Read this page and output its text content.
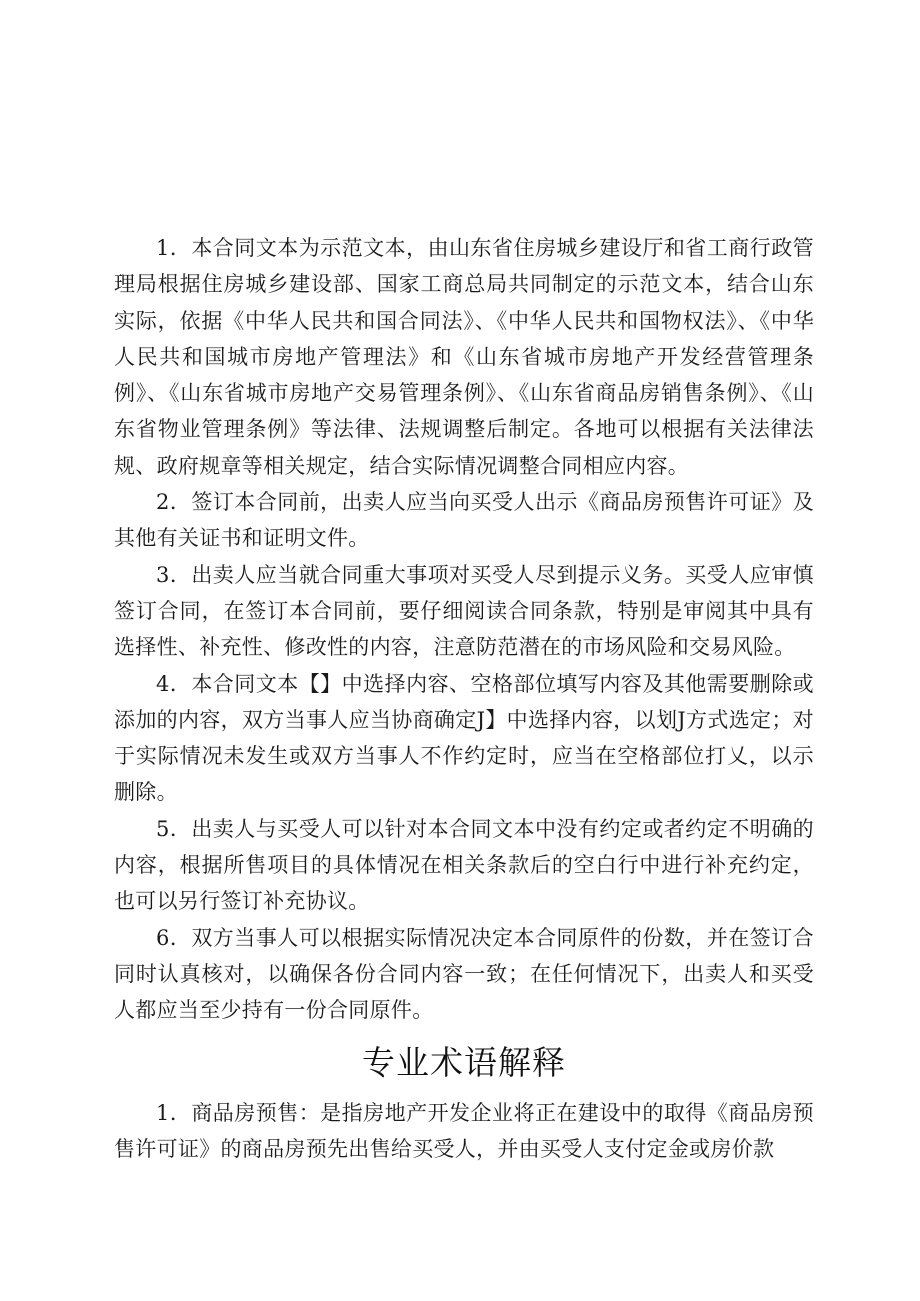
1．本合同文本为示范文本，由山东省住房城乡建设厅和省工商行政管理局根据住房城乡建设部、国家工商总局共同制定的示范文本，结合山东实际，依据《中华人民共和国合同法》、《中华人民共和国物权法》、《中华人民共和国城市房地产管理法》和《山东省城市房地产开发经营管理条例》、《山东省城市房地产交易管理条例》、《山东省商品房销售条例》、《山东省物业管理条例》等法律、法规调整后制定。各地可以根据有关法律法规、政府规章等相关规定，结合实际情况调整合同相应内容。

2．签订本合同前，出卖人应当向买受人出示《商品房预售许可证》及其他有关证书和证明文件。

3．出卖人应当就合同重大事项对买受人尽到提示义务。买受人应审慎签订合同，在签订本合同前，要仔细阅读合同条款，特别是审阅其中具有选择性、补充性、修改性的内容，注意防范潜在的市场风险和交易风险。

4．本合同文本【】中选择内容、空格部位填写内容及其他需要删除或添加的内容，双方当事人应当协商确定J】中选择内容，以划J方式选定；对于实际情况未发生或双方当事人不作约定时，应当在空格部位打乂，以示删除。

5．出卖人与买受人可以针对本合同文本中没有约定或者约定不明确的内容，根据所售项目的具体情况在相关条款后的空白行中进行补充约定，也可以另行签订补充协议。

6．双方当事人可以根据实际情况决定本合同原件的份数，并在签订合同时认真核对，以确保各份合同内容一致；在任何情况下，出卖人和买受人都应当至少持有一份合同原件。

专业术语解释

1．商品房预售：是指房地产开发企业将正在建设中的取得《商品房预售许可证》的商品房预先出售给买受人，并由买受人支付定金或房价款
